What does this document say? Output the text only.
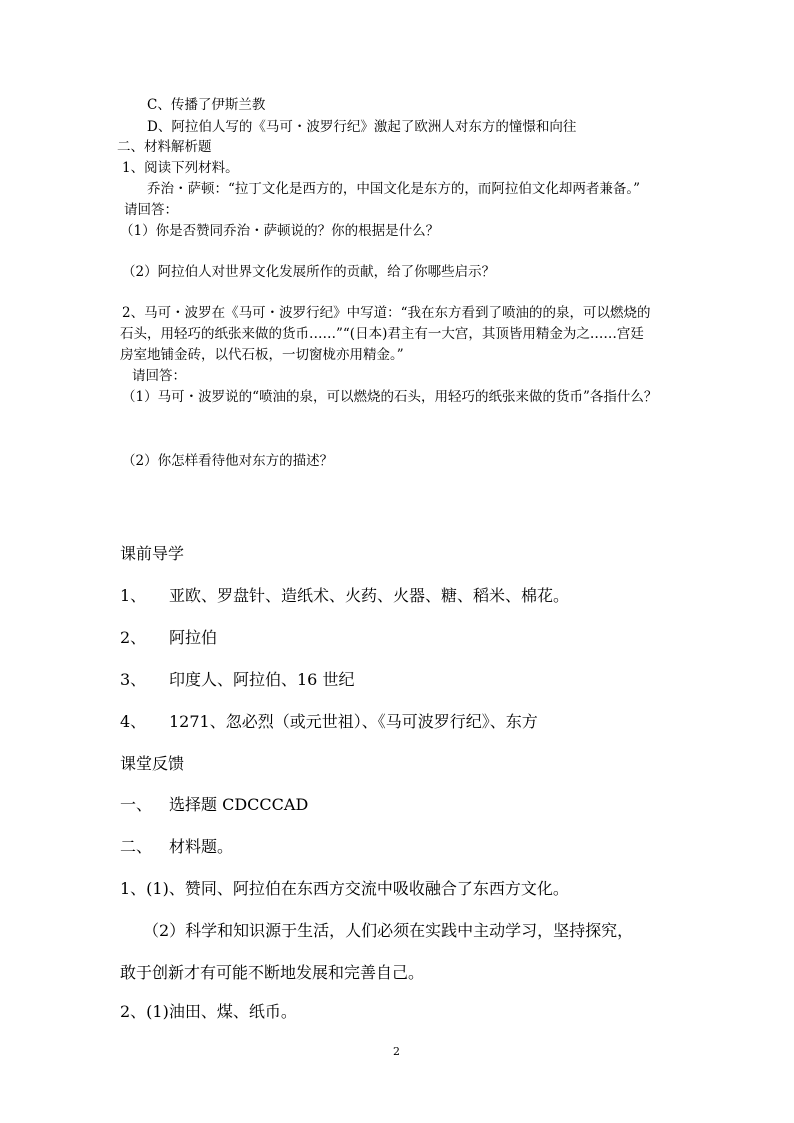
C、传播了伊斯兰教
D、阿拉伯人写的《马可・波罗行纪》激起了欧洲人对东方的憧憬和向往
二、材料解析题
1、阅读下列材料。
乔治・萨顿：“拉丁文化是西方的，中国文化是东方的，而阿拉伯文化却两者兼备。”
请回答：
（1）你是否赞同乔治・萨顿说的？你的根据是什么？
（2）阿拉伯人对世界文化发展所作的贡献，给了你哪些启示？
2、马可・波罗在《马可・波罗行纪》中写道：“我在东方看到了喷油的的泉，可以燃烧的
石头，用轻巧的纸张来做的货币……”“(日本)君主有一大宫，其顶皆用精金为之……宫廷
房室地铺金砖，以代石板，一切窗栊亦用精金。”
请回答：
（1）马可・波罗说的“喷油的泉，可以燃烧的石头，用轻巧的纸张来做的货币”各指什么？
（2）你怎样看待他对东方的描述？
课前导学
1、 亚欧、罗盘针、造纸术、火药、火器、糖、稻米、棉花。
2、 阿拉伯
3、 印度人、阿拉伯、16 世纪
4、 1271、忽必烈（或元世祖）、《马可波罗行纪》、东方
课堂反馈
一、 选择题 CDCCCAD
二、 材料题。
1、(1)、赞同、阿拉伯在东西方交流中吸收融合了东西方文化。
（2）科学和知识源于生活，人们必须在实践中主动学习，坚持探究，
敢于创新才有可能不断地发展和完善自己。
2、(1)油田、煤、纸币。
2
